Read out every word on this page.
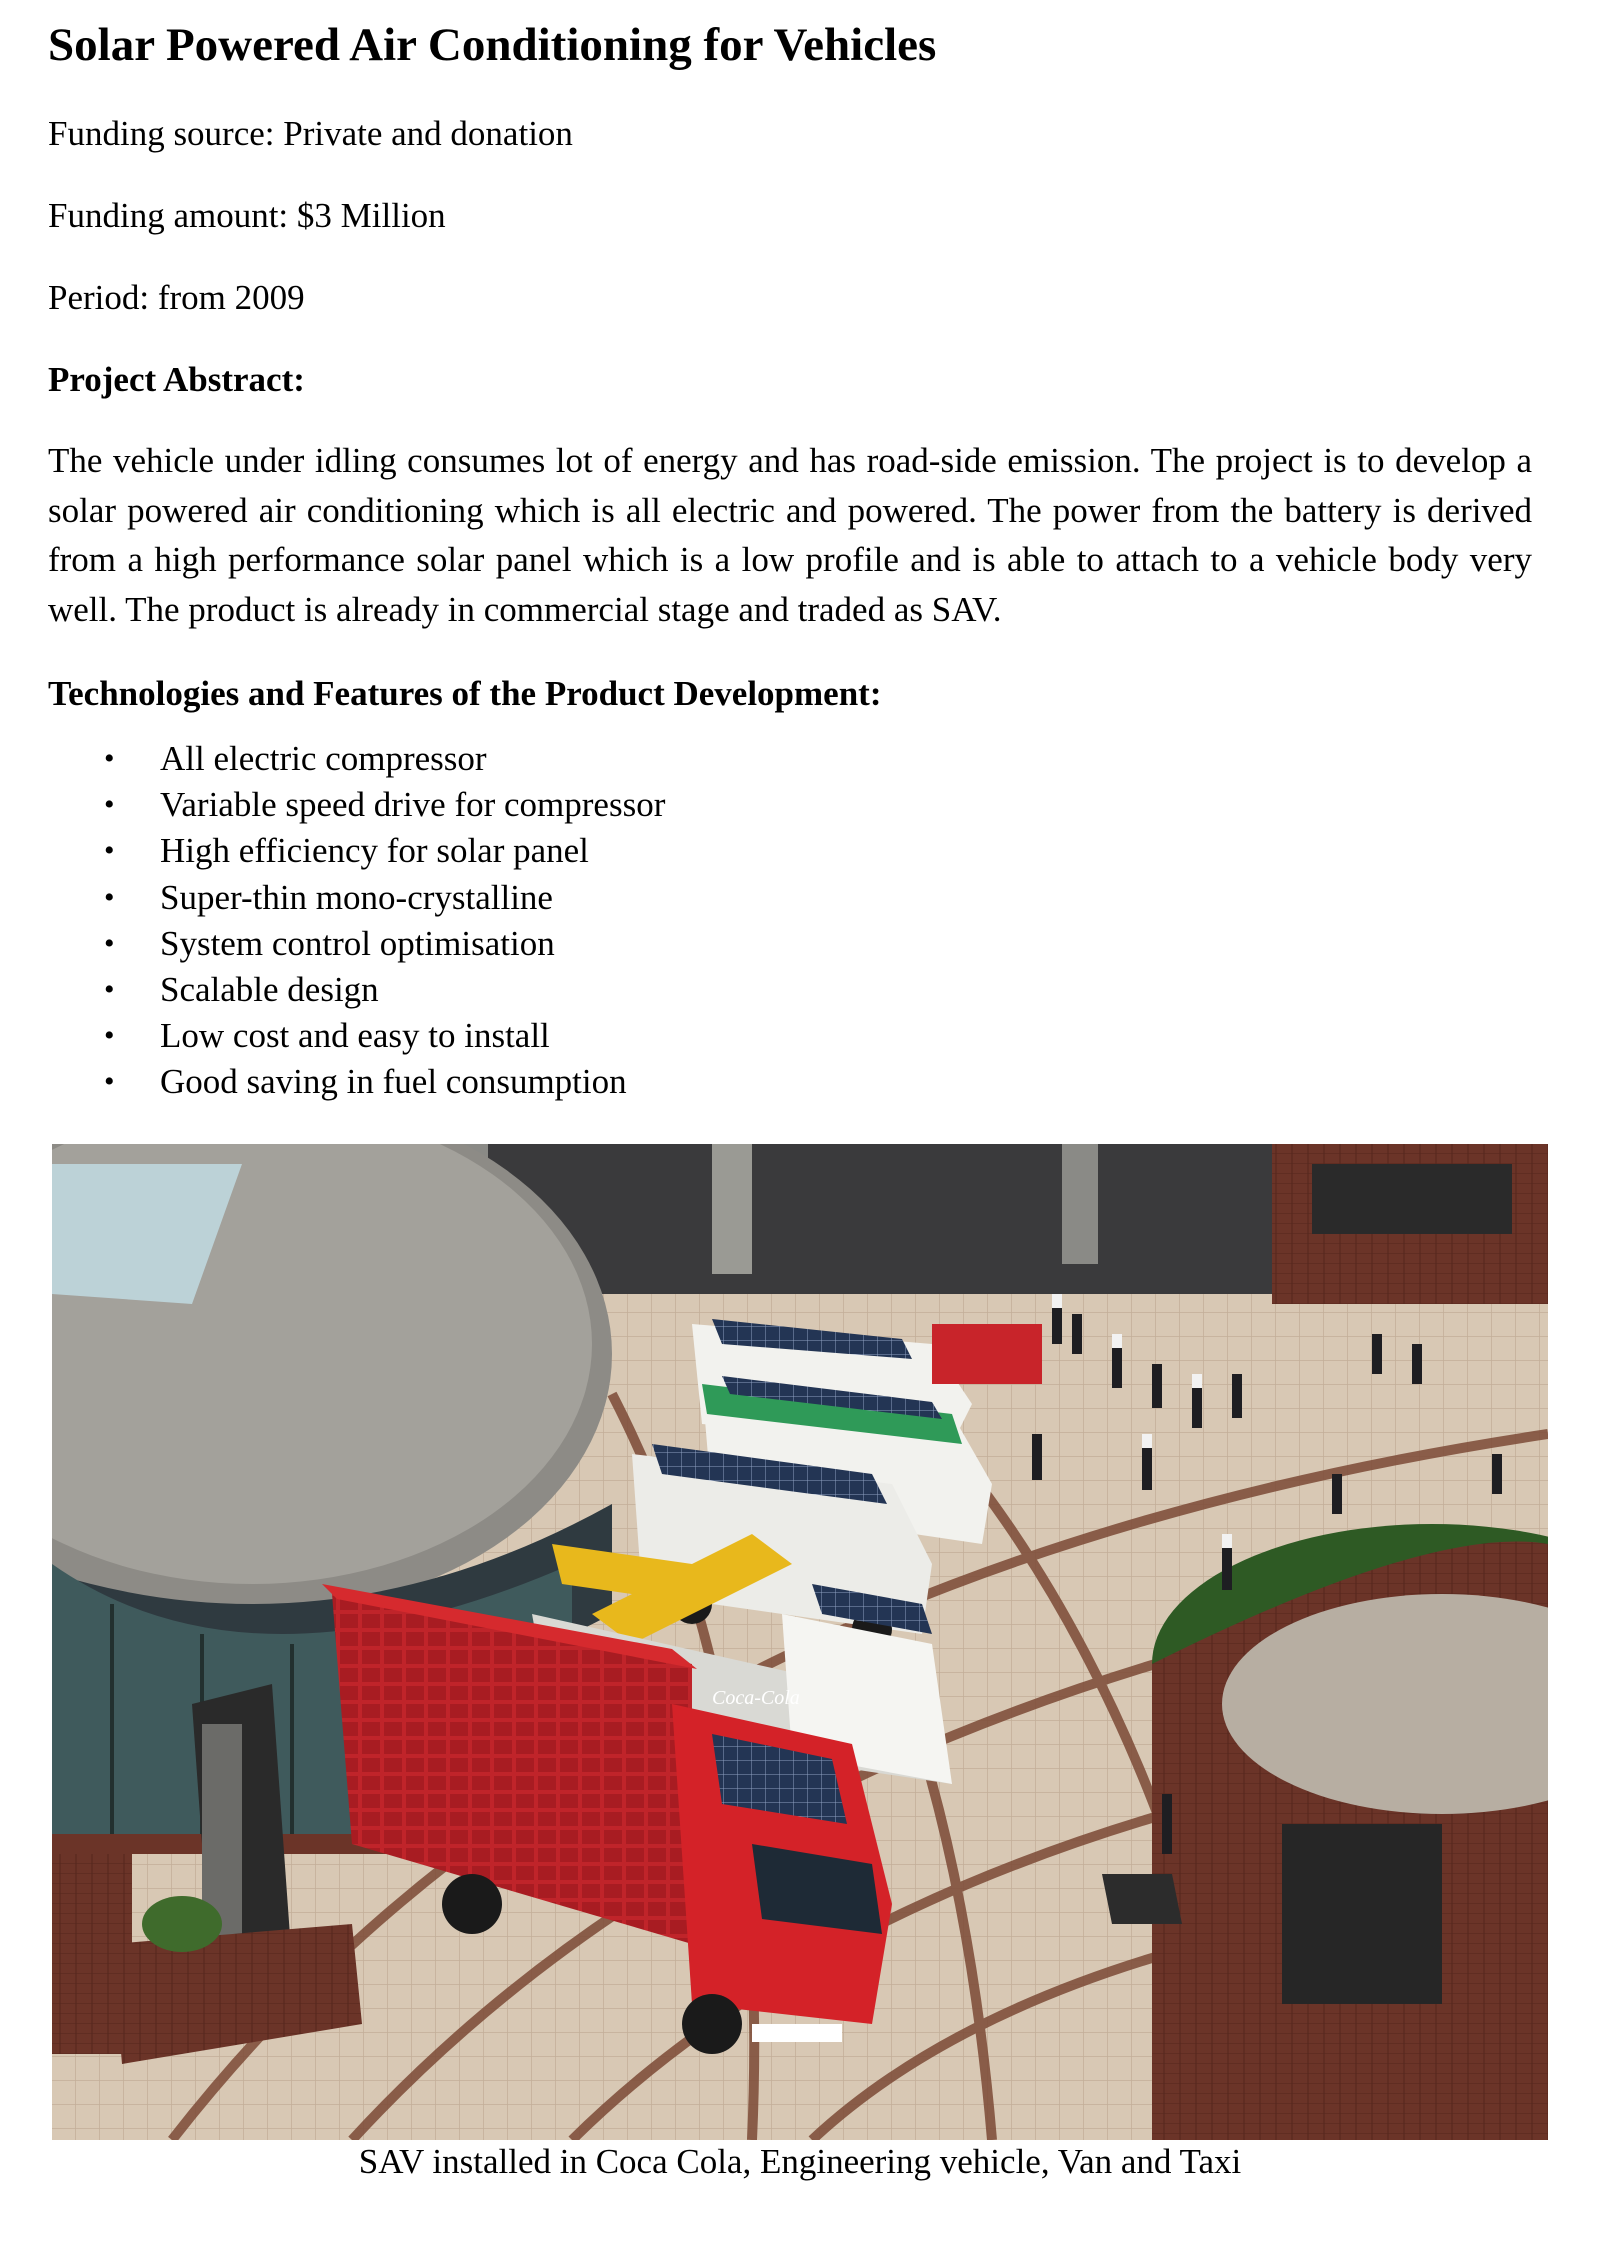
Solar Powered Air Conditioning for Vehicles

Funding source: Private and donation

Funding amount: $3 Million

Period: from 2009

Project Abstract:

The vehicle under idling consumes lot of energy and has road-side emission. The project is to develop a solar powered air conditioning which is all electric and powered. The power from the battery is derived from a high performance solar panel which is a low profile and is able to attach to a vehicle body very well. The product is already in commercial stage and traded as SAV.

Technologies and Features of the Product Development:
• All electric compressor
• Variable speed drive for compressor
• High efficiency for solar panel
• Super-thin mono-crystalline
• System control optimisation
• Scalable design
• Low cost and easy to install
• Good saving in fuel consumption
Coca-Cola

SAV installed in Coca Cola, Engineering vehicle, Van and Taxi
